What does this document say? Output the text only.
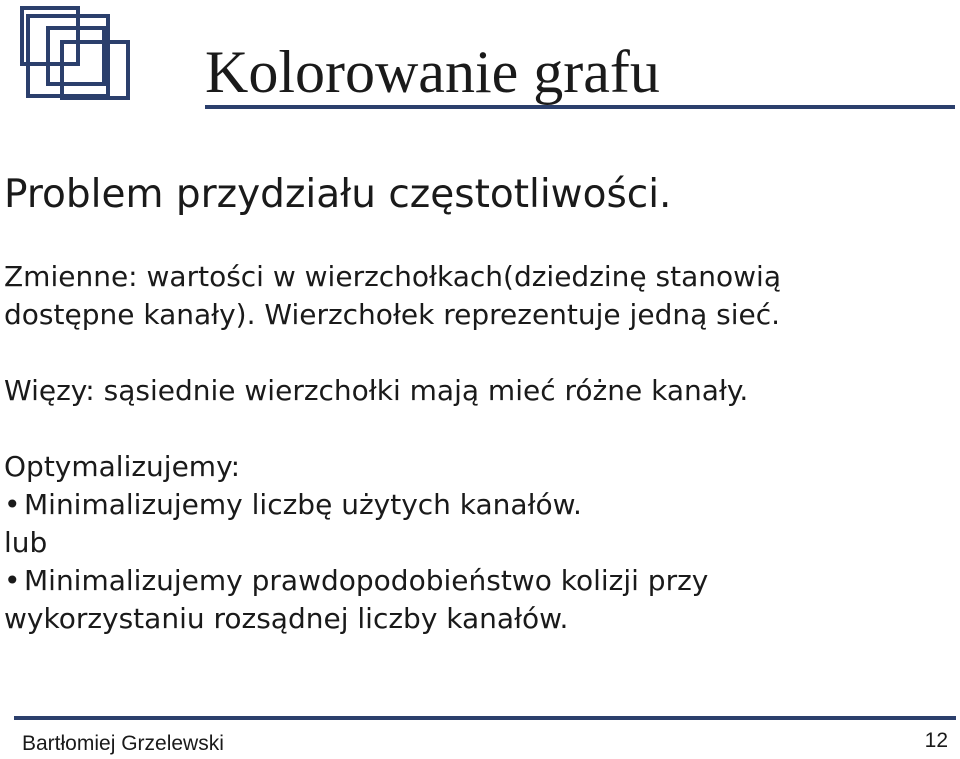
Kolorowanie grafu
Problem przydziału częstotliwości.

Zmienne: wartości w wierzchołkach(dziedzinę stanowią

dostępne kanały). Wierzchołek reprezentuje jedną sieć.

Więzy: sąsiednie wierzchołki mają mieć różne kanały.

Optymalizujemy:

• Minimalizujemy liczbę użytych kanałów.

lub

• Minimalizujemy prawdopodobieństwo kolizji przy

wykorzystaniu rozsądnej liczby kanałów.

Bartłomiej Grzelewski	12
